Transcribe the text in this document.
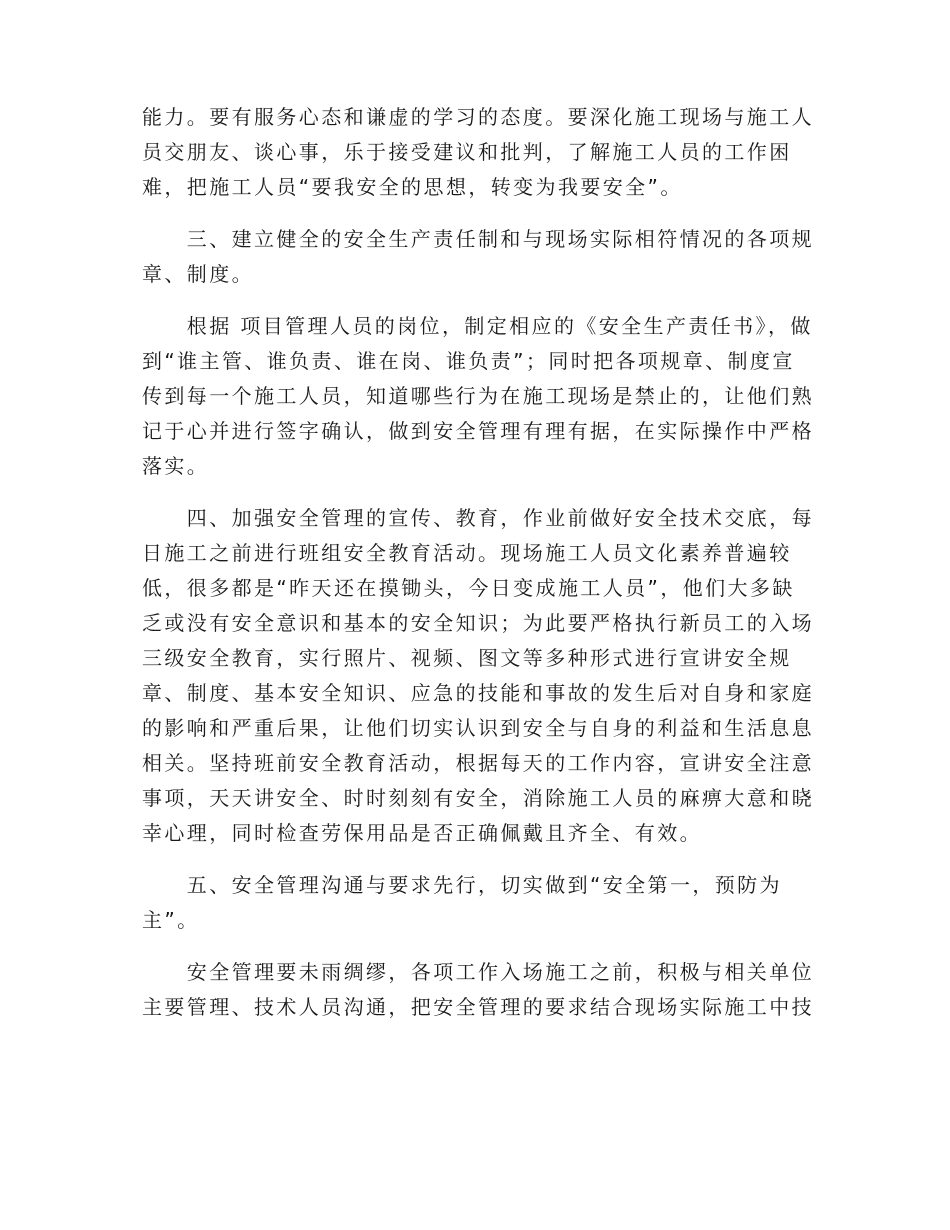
能力。要有服务心态和谦虚的学习的态度。要深化施工现场与施工人
员交朋友、谈心事，乐于接受建议和批判，了解施工人员的工作困
难，把施工人员“要我安全的思想，转变为我要安全”。
　　三、建立健全的安全生产责任制和与现场实际相符情况的各项规
章、制度。
　　根据 项目管理人员的岗位，制定相应的《安全生产责任书》，做
到“谁主管、谁负责、谁在岗、谁负责”；同时把各项规章、制度宣
传到每一个施工人员，知道哪些行为在施工现场是禁止的，让他们熟
记于心并进行签字确认，做到安全管理有理有据，在实际操作中严格
落实。
　　四、加强安全管理的宣传、教育，作业前做好安全技术交底，每
日施工之前进行班组安全教育活动。现场施工人员文化素养普遍较
低，很多都是“昨天还在摸锄头，今日变成施工人员”，他们大多缺
乏或没有安全意识和基本的安全知识；为此要严格执行新员工的入场
三级安全教育，实行照片、视频、图文等多种形式进行宣讲安全规
章、制度、基本安全知识、应急的技能和事故的发生后对自身和家庭
的影响和严重后果，让他们切实认识到安全与自身的利益和生活息息
相关。坚持班前安全教育活动，根据每天的工作内容，宣讲安全注意
事项，天天讲安全、时时刻刻有安全，消除施工人员的麻痹大意和晓
幸心理，同时检查劳保用品是否正确佩戴且齐全、有效。
　　五、安全管理沟通与要求先行，切实做到“安全第一，预防为
主”。
　　安全管理要未雨绸缪，各项工作入场施工之前，积极与相关单位
主要管理、技术人员沟通，把安全管理的要求结合现场实际施工中技
